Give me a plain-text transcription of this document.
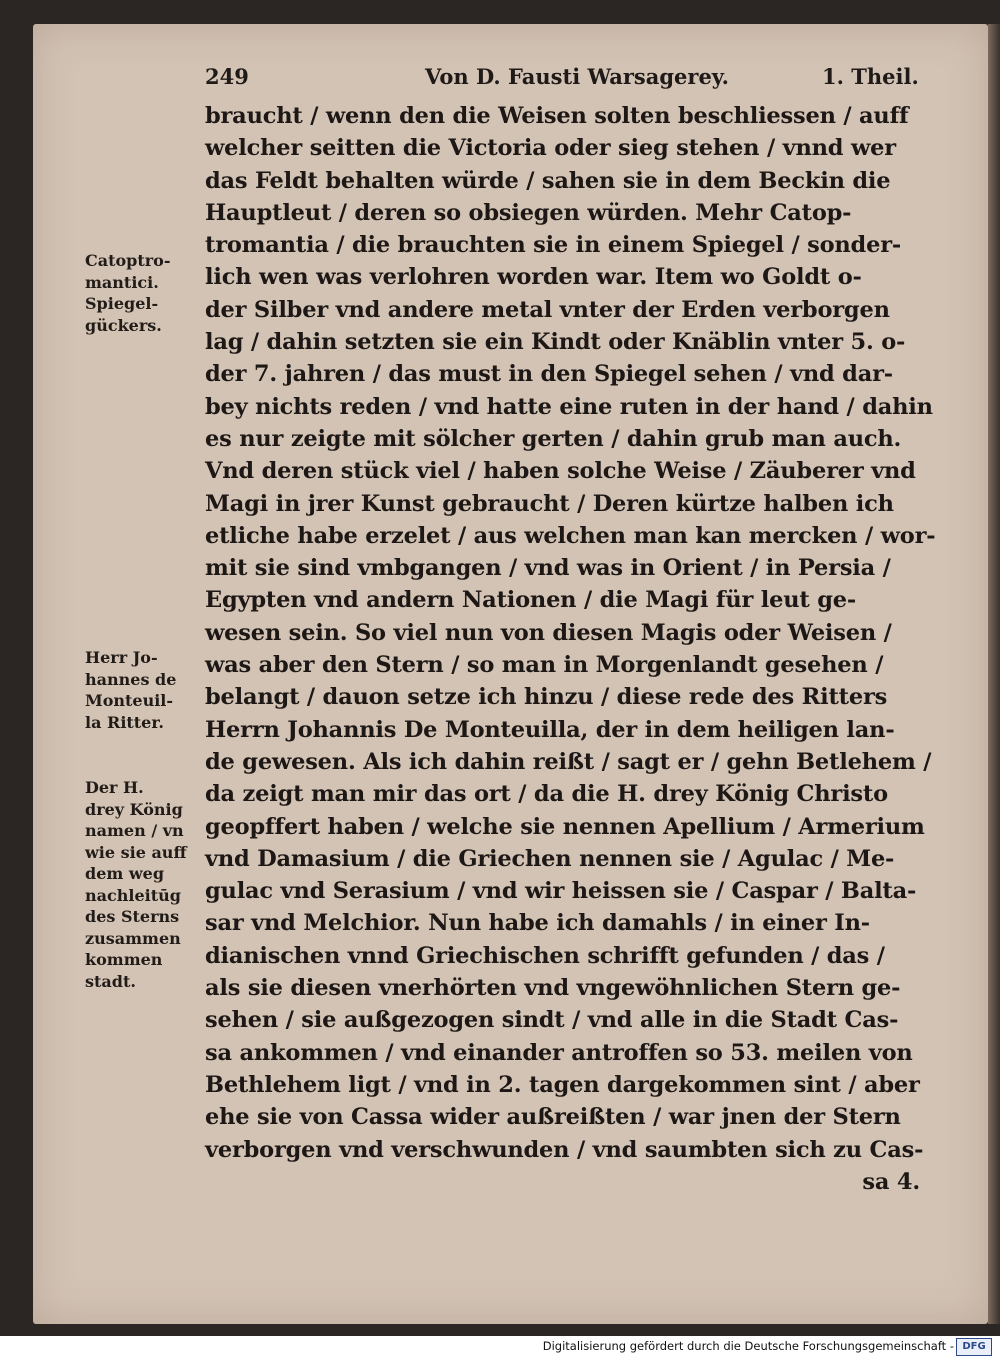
249	Von D. Fausti Warsagerey.	1. Theil.
braucht / wenn den die Weisen solten beschliessen / auff
welcher seitten die Victoria oder sieg stehen / vnnd wer
das Feldt behalten würde / sahen sie in dem Beckin die
Hauptleut / deren so obsiegen würden. Mehr Catop-
tromantia / die brauchten sie in einem Spiegel / sonder-
lich wen was verlohren worden war. Item wo Goldt o-
der Silber vnd andere metal vnter der Erden verborgen
lag / dahin setzten sie ein Kindt oder Knäblin vnter 5. o-
der 7. jahren / das must in den Spiegel sehen / vnd dar-
bey nichts reden / vnd hatte eine ruten in der hand / dahin
es nur zeigte mit sölcher gerten / dahin grub man auch.
Vnd deren stück viel / haben solche Weise / Zäuberer vnd
Magi in jrer Kunst gebraucht / Deren kürtze halben ich
etliche habe erzelet / aus welchen man kan mercken / wor-
mit sie sind vmbgangen / vnd was in Orient / in Persia /
Egypten vnd andern Nationen / die Magi für leut ge-
wesen sein. So viel nun von diesen Magis oder Weisen /
was aber den Stern / so man in Morgenlandt gesehen /
belangt / dauon setze ich hinzu / diese rede des Ritters
Herrn Johannis De Monteuilla, der in dem heiligen lan-
de gewesen. Als ich dahin reißt / sagt er / gehn Betlehem /
da zeigt man mir das ort / da die H. drey König Christo
geopffert haben / welche sie nennen Apellium / Armerium
vnd Damasium / die Griechen nennen sie / Agulac / Me-
gulac vnd Serasium / vnd wir heissen sie / Caspar / Balta-
sar vnd Melchior. Nun habe ich damahls / in einer In-
dianischen vnnd Griechischen schrifft gefunden / das /
als sie diesen vnerhörten vnd vngewöhnlichen Stern ge-
sehen / sie außgezogen sindt / vnd alle in die Stadt Cas-
sa ankommen / vnd einander antroffen so 53. meilen von
Bethlehem ligt / vnd in 2. tagen dargekommen sint / aber
ehe sie von Cassa wider außreißten / war jnen der Stern
verborgen vnd verschwunden / vnd saumbten sich zu Cas-
sa 4.
Catoptro-
mantici.
Spiegel-
gückers.
Herr Jo-
hannes de
Monteuil-
la Ritter.
Der H.
drey König
namen / vn
wie sie auff
dem weg
nachleitūg
des Sterns
zusammen
kommen
stadt.
Digitalisierung gefördert durch die Deutsche Forschungsgemeinschaft - DFG
